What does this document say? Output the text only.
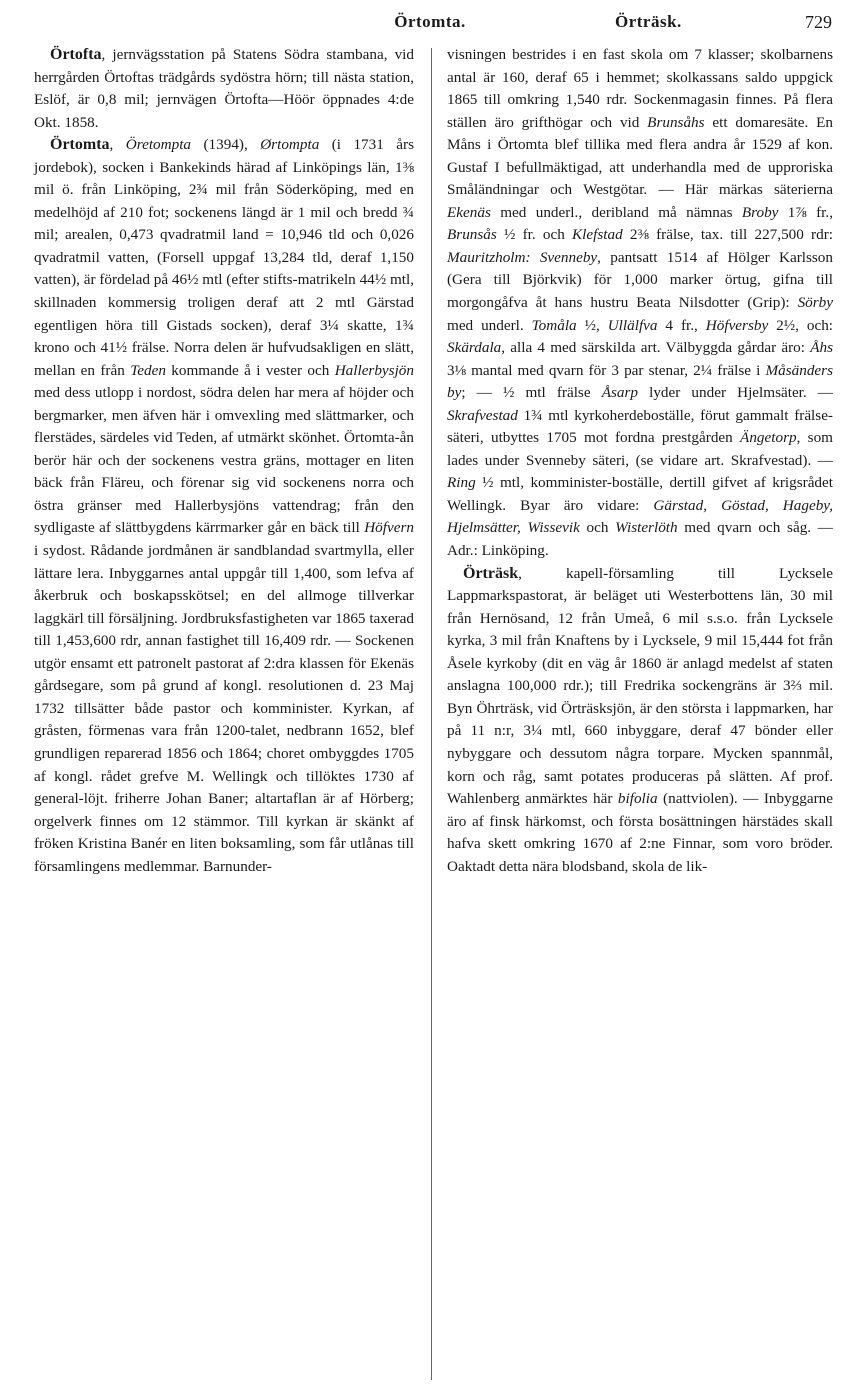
Örtomta.	Örträsk.	729

Örtofta, jernvägsstation på Statens Södra stambana, vid herrgården Örtoftas trädgårds sydöstra hörn; till nästa station, Eslöf, är 0,8 mil; jernvägen Örtofta—Höör öppnades 4:de Okt. 1858.

Örtomta, Öretompta (1394), Ørtompta (i 1731 års jordebok), socken i Bankekinds härad af Linköpings län, 1⅜ mil ö. från Linköping, 2¾ mil från Söderköping, med en medelhöjd af 210 fot; sockenens längd är 1 mil och bredd ¾ mil; arealen, 0,473 qvadratmil land = 10,946 tld och 0,026 qvadratmil vatten, (Forsell uppgaf 13,284 tld, deraf 1,150 vatten), är fördelad på 46½ mtl (efter stifts-matrikeln 44½ mtl, skillnaden kommersig troligen deraf att 2 mtl Gärstad egentligen höra till Gistads socken), deraf 3¼ skatte, 1¾ krono och 41½ frälse. Norra delen är hufvudsakligen en slätt, mellan en från Teden kommande å i vester och Hallerbysjön med dess utlopp i nordost, södra delen har mera af höjder och bergmarker, men äfven här i omvexling med slättmarker, och flerstädes, särdeles vid Teden, af utmärkt skönhet. Örtomta-ån berör här och der sockenens vestra gräns, mottager en liten bäck från Fläreu, och förenar sig vid sockenens norra och östra gränser med Hallerbysjöns vattendrag; från den sydligaste af slättbygdens kärrmarker går en bäck till Höfvern i sydost. Rådande jordmånen är sandblandad svartmylla, eller lättare lera. Inbyggarnes antal uppgår till 1,400, som lefva af åkerbruk och boskapsskötsel; en del allmoge tillverkar laggkärl till försäljning. Jordbruksfastigheten var 1865 taxerad till 1,453,600 rdr, annan fastighet till 16,409 rdr. — Sockenen utgör ensamt ett patronelt pastorat af 2:dra klassen för Ekenäs gårdsegare, som på grund af kongl. resolutionen d. 23 Maj 1732 tillsätter både pastor och komminister. Kyrkan, af gråsten, förmenas vara från 1200-talet, nedbrann 1652, blef grundligen reparerad 1856 och 1864; choret ombyggdes 1705 af kongl. rådet grefve M. Wellingk och tillöktes 1730 af general-löjt. friherre Johan Baner; altartaflan är af Hörberg; orgelverk finnes om 12 stämmor. Till kyrkan är skänkt af fröken Kristina Banér en liten boksamling, som får utlånas till församlingens medlemmar. Barnunder-

visningen bestrides i en fast skola om 7 klasser; skolbarnens antal är 160, deraf 65 i hemmet; skolkassans saldo uppgick 1865 till omkring 1,540 rdr. Sockenmagasin finnes. På flera ställen äro grifthögar och vid Brunsåhs ett domaresäte. En Måns i Örtomta blef tillika med flera andra år 1529 af kon. Gustaf I befullmäktigad, att underhandla med de upproriska Småländningar och Westgötar. — Här märkas säterierna Ekenäs med underl., deribland må nämnas Broby 1⅞ fr., Brunsås ½ fr. och Klefstad 2⅜ frälse, tax. till 227,500 rdr: Mauritzholm: Svenneby, pantsatt 1514 af Hölger Karlsson (Gera till Björkvik) för 1,000 marker örtug, gifna till morgongåfva åt hans hustru Beata Nilsdotter (Grip): Sörby med underl. Tomåla ½, Ullälfva 4 fr., Höfversby 2½, och: Skärdala, alla 4 med särskilda art. Välbyggda gårdar äro: Åhs 3⅛ mantal med qvarn för 3 par stenar, 2¼ frälse i Måsänders by; — ½ mtl frälse Åsarp lyder under Hjelmsäter. — Skrafvestad 1¾ mtl kyrkoherdeboställe, förut gammalt frälse-säteri, utbyttes 1705 mot fordna prestgården Ängetorp, som lades under Svenneby säteri, (se vidare art. Skrafvestad). — Ring ½ mtl, komminister-boställe, dertill gifvet af krigsrådet Wellingk. Byar äro vidare: Gärstad, Göstad, Hageby, Hjelmsätter, Wissevik och Wisterlöth med qvarn och såg. — Adr.: Linköping.

Örträsk, kapell-församling till Lycksele Lappmarkspastorat, är beläget uti Westerbottens län, 30 mil från Hernösand, 12 från Umeå, 6 mil s.s.o. från Lycksele kyrka, 3 mil från Knaftens by i Lycksele, 9 mil 15,444 fot från Åsele kyrkoby (dit en väg år 1860 är anlagd medelst af staten anslagna 100,000 rdr.); till Fredrika sockengräns är 3⅔ mil. Byn Öhrträsk, vid Örträsksjön, är den största i lappmarken, har på 11 n:r, 3¼ mtl, 660 inbyggare, deraf 47 bönder eller nybyggare och dessutom några torpare. Mycken spannmål, korn och råg, samt potates produceras på slätten. Af prof. Wahlenberg anmärktes här bifolia (nattviolen). — Inbyggarne äro af finsk härkomst, och första bosättningen härstädes skall hafva skett omkring 1670 af 2:ne Finnar, som voro bröder. Oaktadt detta nära blodsband, skola de lik-
